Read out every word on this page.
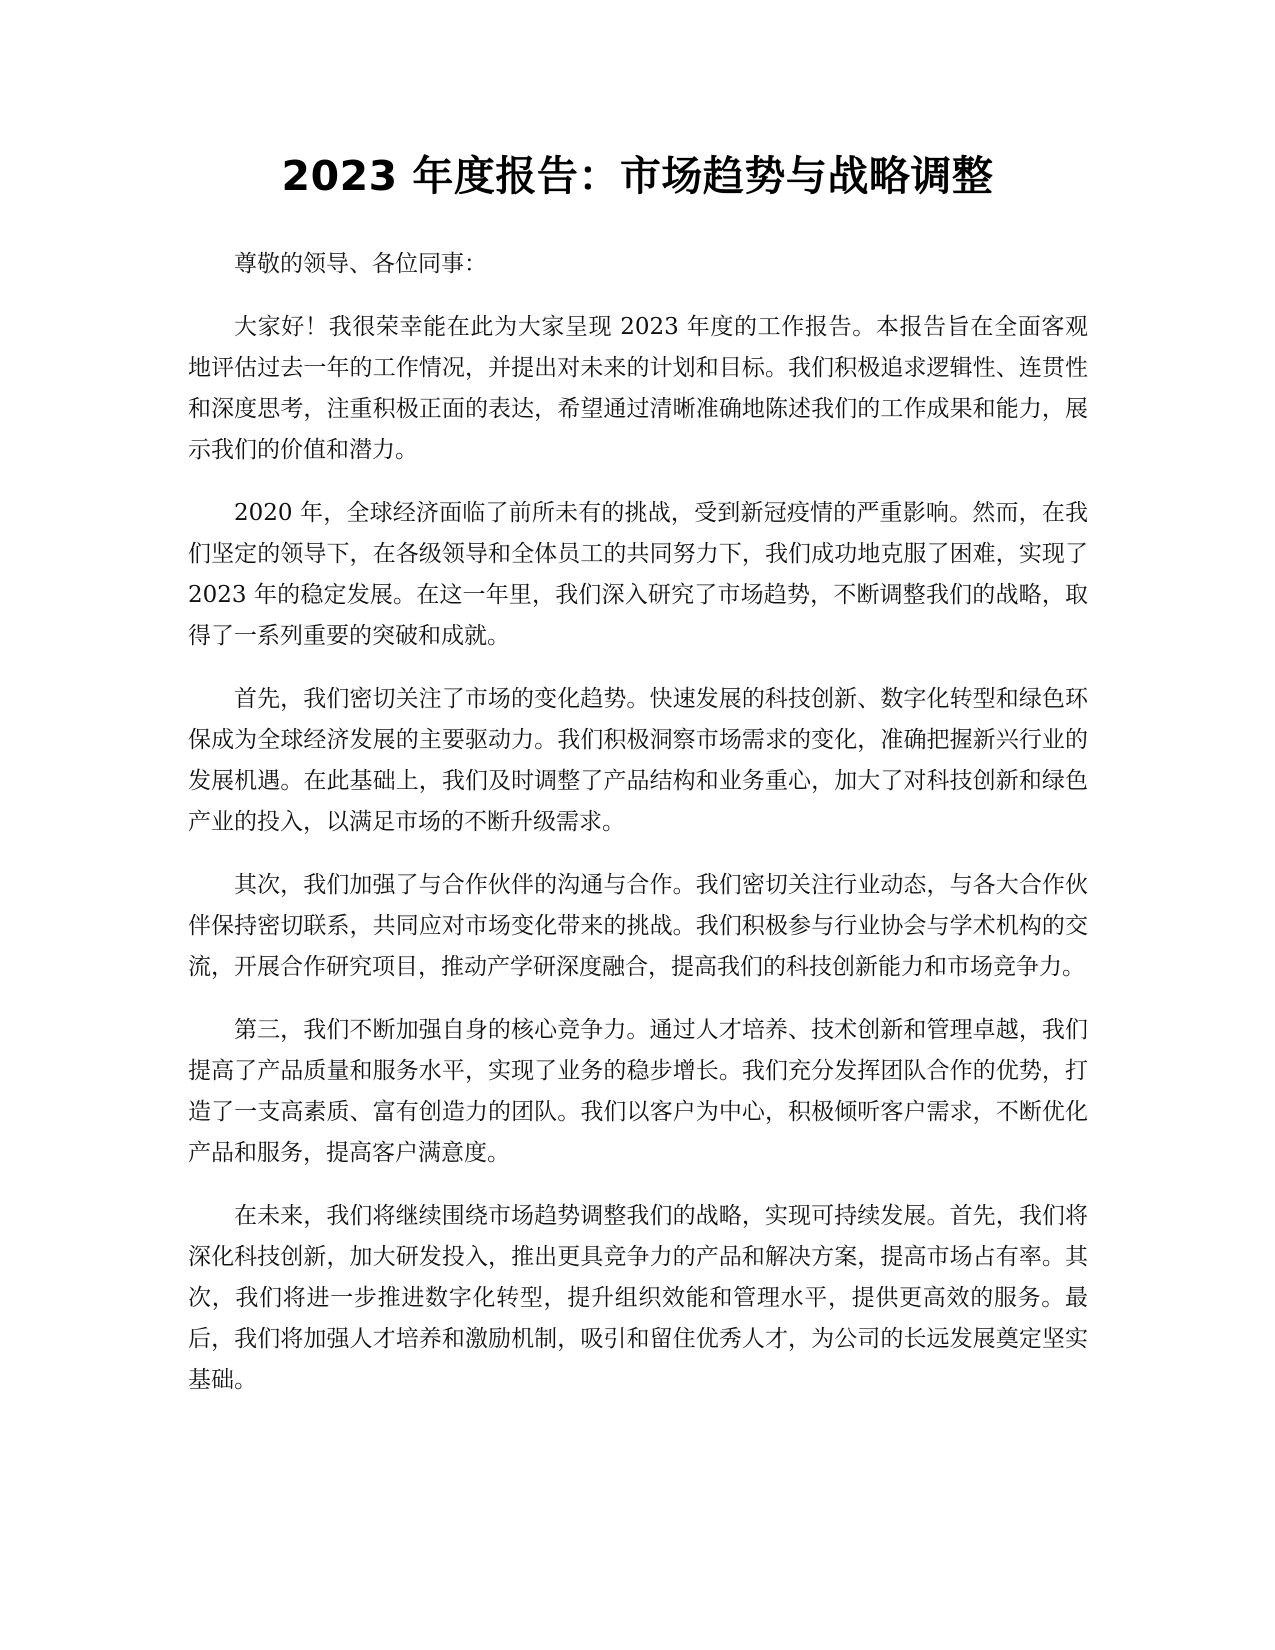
2023 年度报告：市场趋势与战略调整

尊敬的领导、各位同事：

大家好！我很荣幸能在此为大家呈现 2023 年度的工作报告。本报告旨在全面客观地评估过去一年的工作情况，并提出对未来的计划和目标。我们积极追求逻辑性、连贯性和深度思考，注重积极正面的表达，希望通过清晰准确地陈述我们的工作成果和能力，展示我们的价值和潜力。

2020 年，全球经济面临了前所未有的挑战，受到新冠疫情的严重影响。然而，在我们坚定的领导下，在各级领导和全体员工的共同努力下，我们成功地克服了困难，实现了 2023 年的稳定发展。在这一年里，我们深入研究了市场趋势，不断调整我们的战略，取得了一系列重要的突破和成就。

首先，我们密切关注了市场的变化趋势。快速发展的科技创新、数字化转型和绿色环保成为全球经济发展的主要驱动力。我们积极洞察市场需求的变化，准确把握新兴行业的发展机遇。在此基础上，我们及时调整了产品结构和业务重心，加大了对科技创新和绿色产业的投入，以满足市场的不断升级需求。

其次，我们加强了与合作伙伴的沟通与合作。我们密切关注行业动态，与各大合作伙伴保持密切联系，共同应对市场变化带来的挑战。我们积极参与行业协会与学术机构的交流，开展合作研究项目，推动产学研深度融合，提高我们的科技创新能力和市场竞争力。

第三，我们不断加强自身的核心竞争力。通过人才培养、技术创新和管理卓越，我们提高了产品质量和服务水平，实现了业务的稳步增长。我们充分发挥团队合作的优势，打造了一支高素质、富有创造力的团队。我们以客户为中心，积极倾听客户需求，不断优化产品和服务，提高客户满意度。

在未来，我们将继续围绕市场趋势调整我们的战略，实现可持续发展。首先，我们将深化科技创新，加大研发投入，推出更具竞争力的产品和解决方案，提高市场占有率。其次，我们将进一步推进数字化转型，提升组织效能和管理水平，提供更高效的服务。最后，我们将加强人才培养和激励机制，吸引和留住优秀人才，为公司的长远发展奠定坚实基础。
